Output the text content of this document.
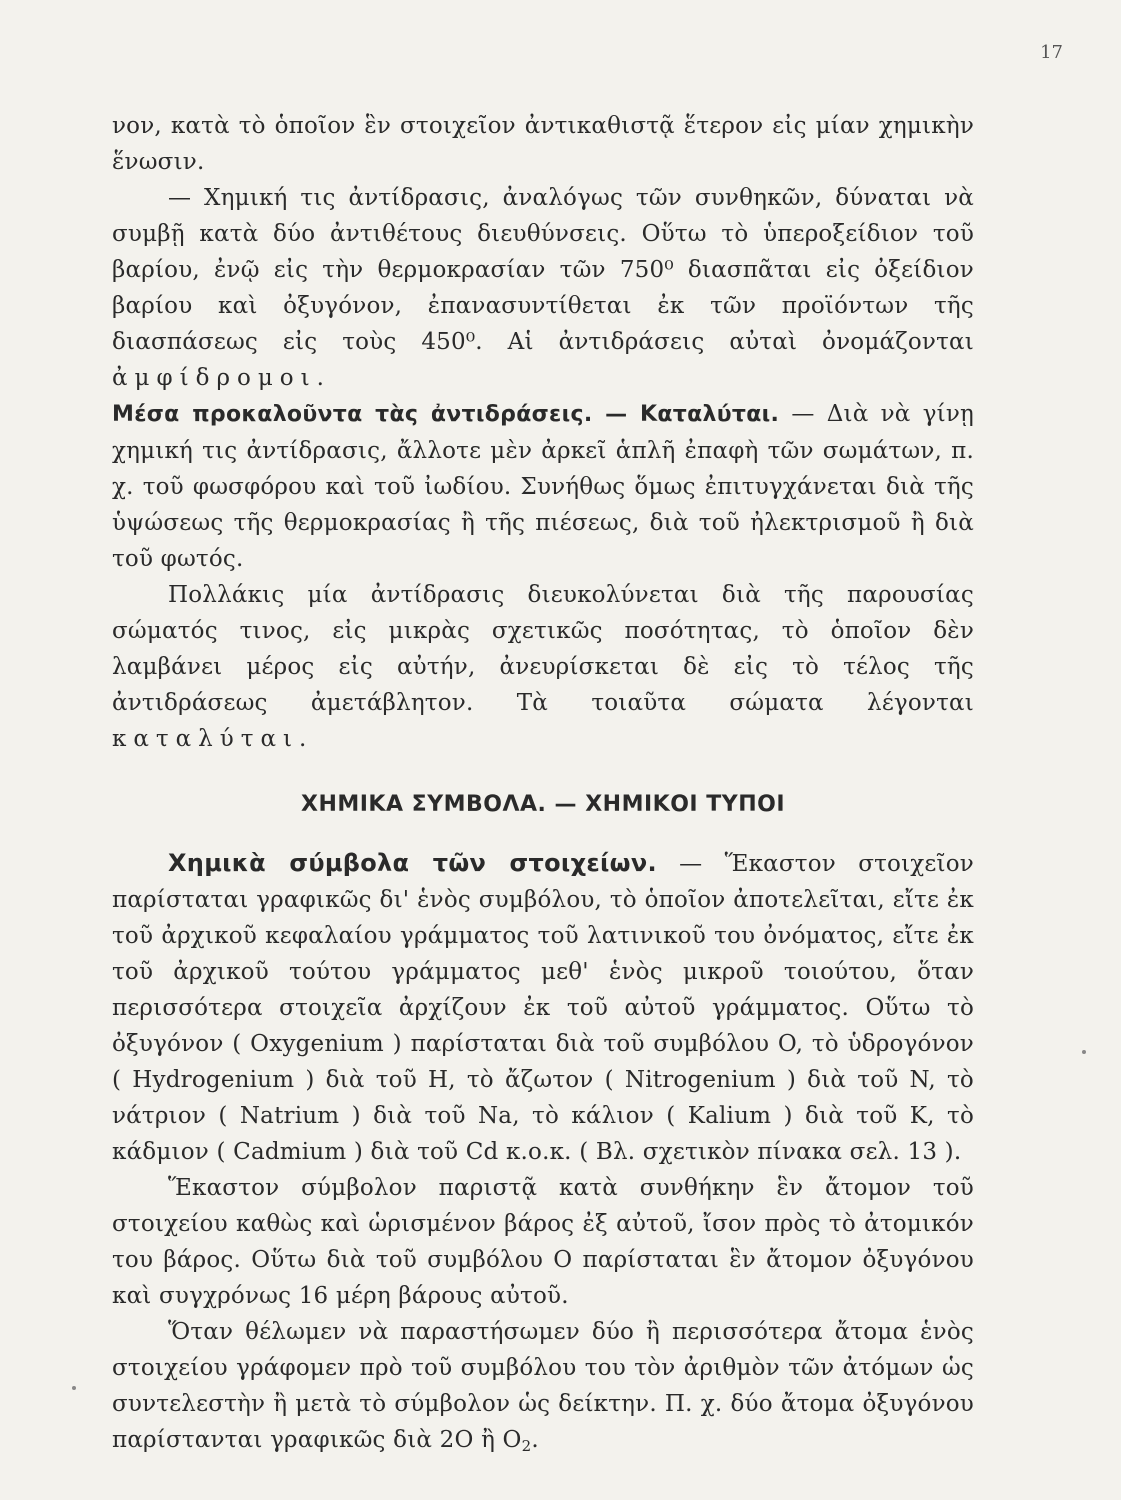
17

νον, κατὰ τὸ ὁποῖον ἓν στοιχεῖον ἀντικαθιστᾷ ἕτερον εἰς μίαν χημικὴν ἕνωσιν.

— Χημική τις ἀντίδρασις, ἀναλόγως τῶν συνθηκῶν, δύναται νὰ συμβῇ κατὰ δύο ἀντιθέτους διευθύνσεις. Οὕτω τὸ ὑπεροξείδιον τοῦ βαρίου, ἐνῷ εἰς τὴν θερμοκρασίαν τῶν 750⁰ διασπᾶται εἰς ὀξείδιον βαρίου καὶ ὀξυγόνον, ἐπανασυντίθεται ἐκ τῶν προϊόντων τῆς διασπάσεως εἰς τοὺς 450⁰. Αἱ ἀντιδράσεις αὐταὶ ὀνομάζονται ἀμφίδρομοι.

Μέσα προκαλοῦντα τὰς ἀντιδράσεις. — Καταλύται. — Διὰ νὰ γίνῃ χημική τις ἀντίδρασις, ἄλλοτε μὲν ἀρκεῖ ἁπλῆ ἐπαφὴ τῶν σωμάτων, π. χ. τοῦ φωσφόρου καὶ τοῦ ἰωδίου. Συνήθως ὅμως ἐπιτυγχάνεται διὰ τῆς ὑψώσεως τῆς θερμοκρασίας ἢ τῆς πιέσεως, διὰ τοῦ ἠλεκτρισμοῦ ἢ διὰ τοῦ φωτός.

Πολλάκις μία ἀντίδρασις διευκολύνεται διὰ τῆς παρουσίας σώματός τινος, εἰς μικρὰς σχετικῶς ποσότητας, τὸ ὁποῖον δὲν λαμβάνει μέρος εἰς αὐτήν, ἀνευρίσκεται δὲ εἰς τὸ τέλος τῆς ἀντιδράσεως ἀμετάβλητον. Τὰ τοιαῦτα σώματα λέγονται καταλύται.

ΧΗΜΙΚΑ ΣΥΜΒΟΛΑ. — ΧΗΜΙΚΟΙ ΤΥΠΟΙ

Χημικὰ σύμβολα τῶν στοιχείων. — Ἕκαστον στοιχεῖον παρίσταται γραφικῶς δι' ἑνὸς συμβόλου, τὸ ὁποῖον ἀποτελεῖται, εἴτε ἐκ τοῦ ἀρχικοῦ κεφαλαίου γράμματος τοῦ λατινικοῦ του ὀνόματος, εἴτε ἐκ τοῦ ἀρχικοῦ τούτου γράμματος μεθ' ἑνὸς μικροῦ τοιούτου, ὅταν περισσότερα στοιχεῖα ἀρχίζουν ἐκ τοῦ αὐτοῦ γράμματος. Οὕτω τὸ ὀξυγόνον ( Oxygenium ) παρίσταται διὰ τοῦ συμβόλου O, τὸ ὑδρογόνον ( Hydrogenium ) διὰ τοῦ H, τὸ ἄζωτον ( Nitrogenium ) διὰ τοῦ N, τὸ νάτριον ( Natrium ) διὰ τοῦ Na, τὸ κάλιον ( Kalium ) διὰ τοῦ K, τὸ κάδμιον ( Cadmium ) διὰ τοῦ Cd κ.ο.κ. ( Βλ. σχετικὸν πίνακα σελ. 13 ).

Ἕκαστον σύμβολον παριστᾷ κατὰ συνθήκην ἓν ἄτομον τοῦ στοιχείου καθὼς καὶ ὡρισμένον βάρος ἐξ αὐτοῦ, ἴσον πρὸς τὸ ἀτομικόν του βάρος. Οὕτω διὰ τοῦ συμβόλου O παρίσταται ἓν ἄτομον ὀξυγόνου καὶ συγχρόνως 16 μέρη βάρους αὐτοῦ.

Ὅταν θέλωμεν νὰ παραστήσωμεν δύο ἢ περισσότερα ἄτομα ἑνὸς στοιχείου γράφομεν πρὸ τοῦ συμβόλου του τὸν ἀριθμὸν τῶν ἀτόμων ὡς συντελεστὴν ἢ μετὰ τὸ σύμβολον ὡς δείκτην. Π. χ. δύο ἄτομα ὀξυγόνου παρίστανται γραφικῶς διὰ 2O ἢ $O_2$.
